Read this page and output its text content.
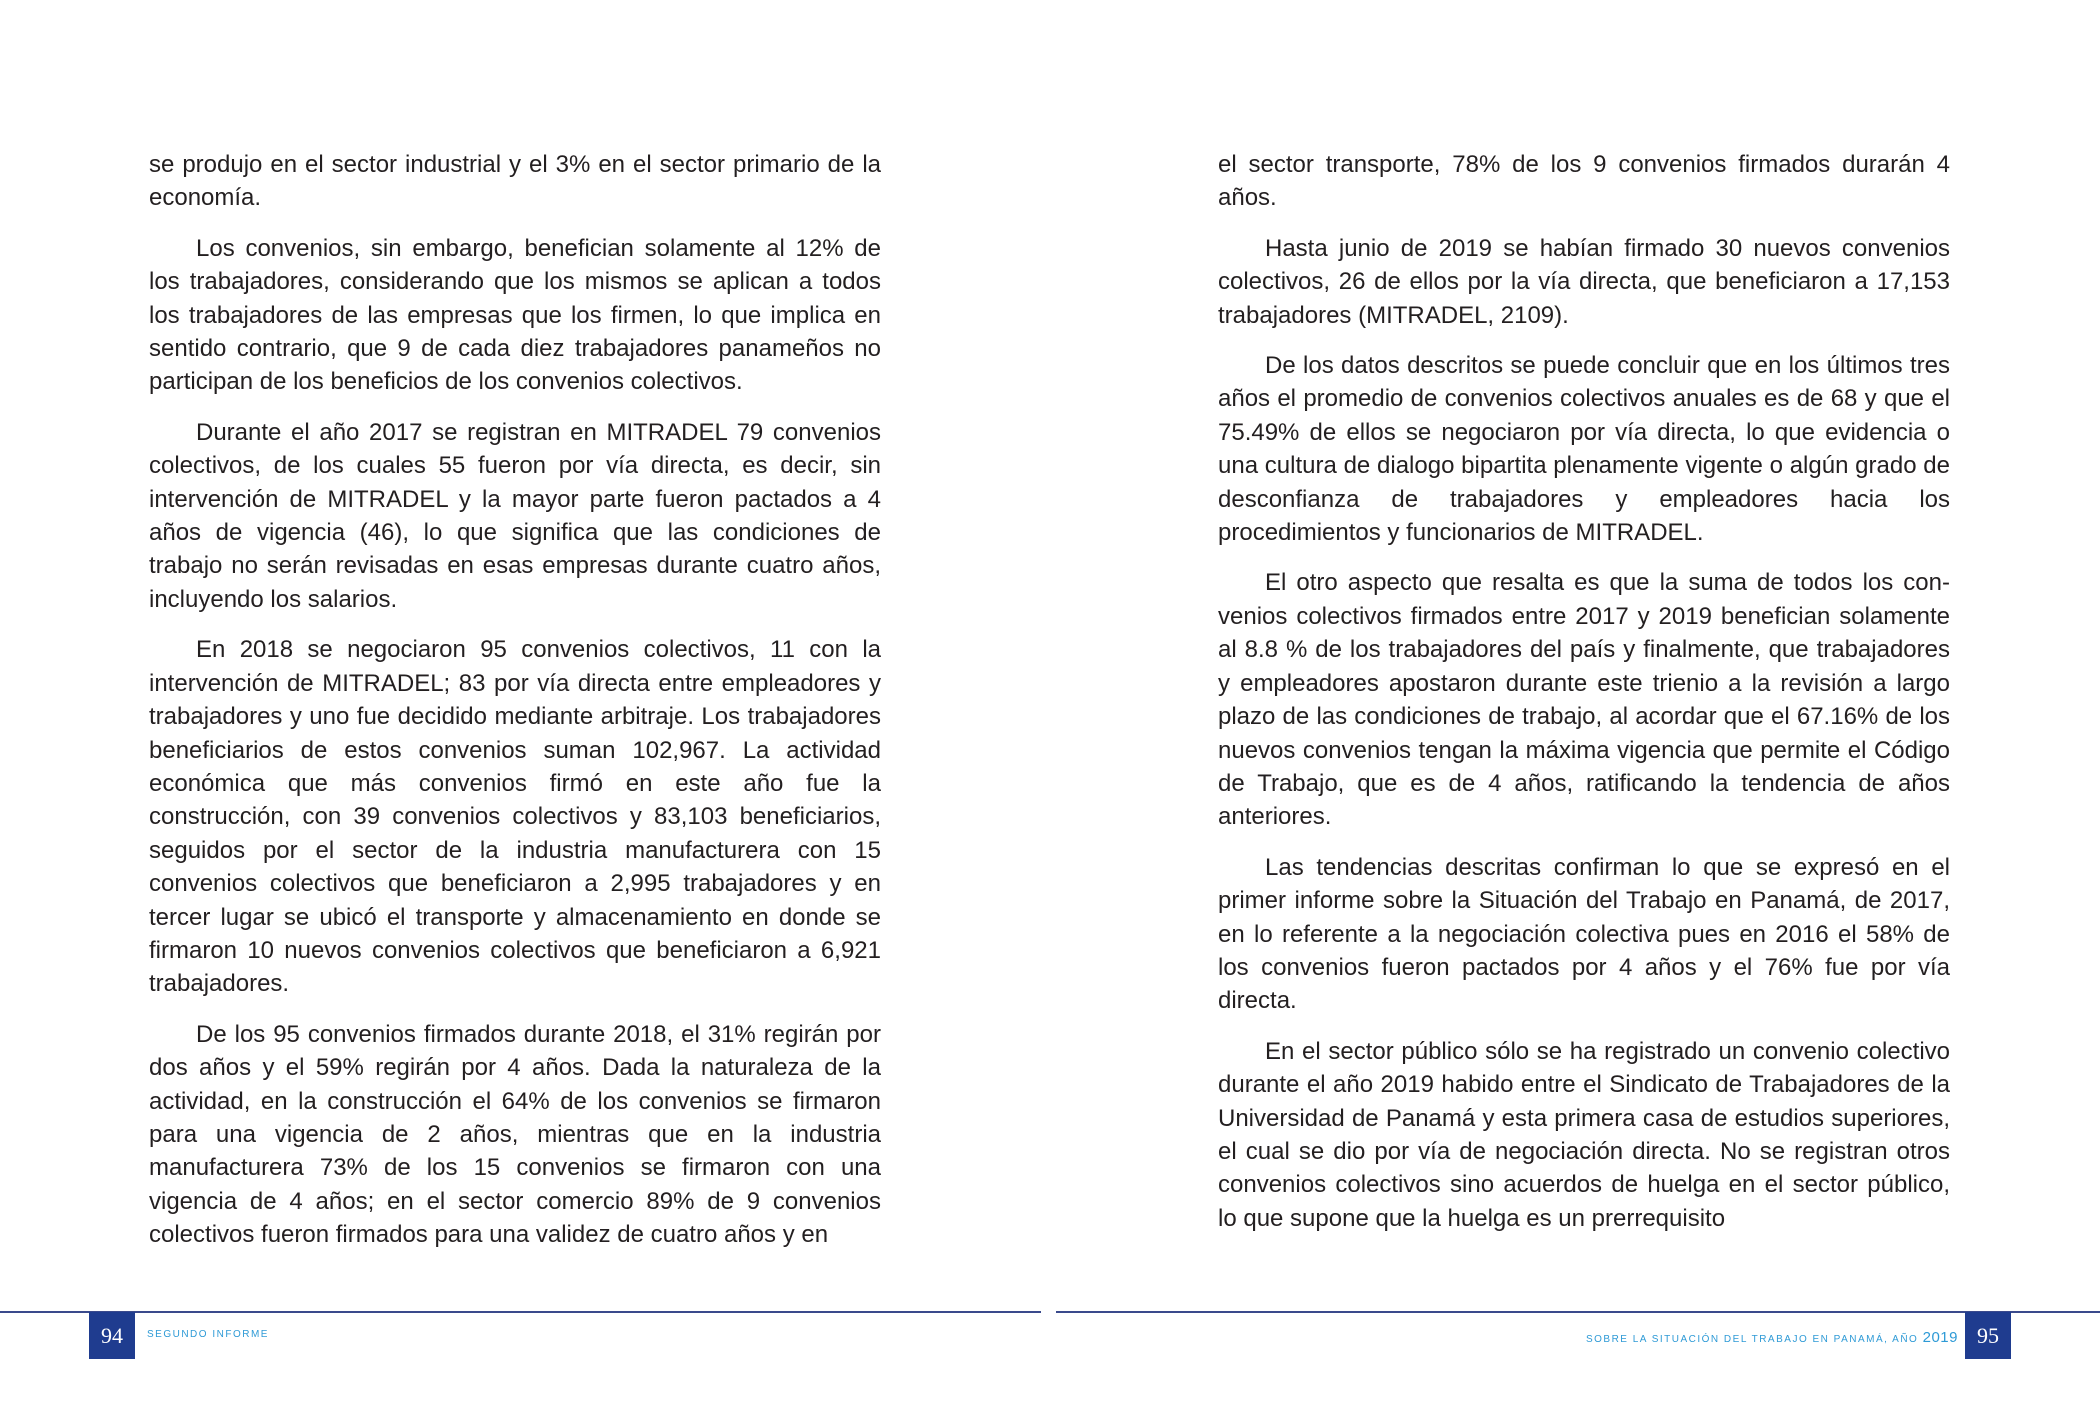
se produjo en el sector industrial y el 3% en el sector primario de la economía.

Los convenios, sin embargo, benefician solamente al 12% de los trabajadores, considerando que los mismos se aplican a todos los trabajadores de las empresas que los firmen, lo que implica en sentido contrario, que 9 de cada diez trabajadores panameños no participan de los beneficios de los convenios colectivos.

Durante el año 2017 se registran en MITRADEL 79 convenios colectivos, de los cuales 55 fueron por vía directa, es decir, sin intervención de MITRADEL y la mayor parte fueron pactados a 4 años de vigencia (46), lo que significa que las condiciones de trabajo no serán revisadas en esas empresas durante cuatro años, incluyendo los salarios.

En 2018 se negociaron 95 convenios colectivos, 11 con la intervención de MITRADEL; 83 por vía directa entre empleadores y trabajadores y uno fue decidido mediante arbitraje. Los trabajadores beneficiarios de estos convenios suman 102,967. La actividad económica que más convenios firmó en este año fue la construcción, con 39 convenios colectivos y 83,103 beneficiarios, seguidos por el sector de la industria manufacturera con 15 convenios colectivos que beneficiaron a 2,995 trabajadores y en tercer lugar se ubicó el transporte y almacenamiento en donde se firmaron 10 nuevos convenios colectivos que beneficiaron a 6,921 trabajadores.

De los 95 convenios firmados durante 2018, el 31% regirán por dos años y el 59% regirán por 4 años. Dada la naturaleza de la actividad, en la construcción el 64% de los convenios se firmaron para una vigencia de 2 años, mientras que en la industria manufacturera 73% de los 15 convenios se firmaron con una vigencia de 4 años; en el sector comercio 89% de 9 convenios colectivos fueron firmados para una validez de cuatro años y en

94	SEGUNDO INFORME

el sector transporte, 78% de los 9 convenios firmados durarán 4 años.

Hasta junio de 2019 se habían firmado 30 nuevos convenios colectivos, 26 de ellos por la vía directa, que beneficiaron a 17,153 trabajadores (MITRADEL, 2109).

De los datos descritos se puede concluir que en los últimos tres años el promedio de convenios colectivos anuales es de 68 y que el 75.49% de ellos se negociaron por vía directa, lo que evidencia o una cultura de dialogo bipartita plenamente vigente o algún grado de desconfianza de trabajadores y empleadores hacia los procedimientos y funcionarios de MITRADEL.

El otro aspecto que resalta es que la suma de todos los convenios colectivos firmados entre 2017 y 2019 benefician solamente al 8.8 % de los trabajadores del país y finalmente, que trabajadores y empleadores apostaron durante este trienio a la revisión a largo plazo de las condiciones de trabajo, al acordar que el 67.16% de los nuevos convenios tengan la máxima vigencia que permite el Código de Trabajo, que es de 4 años, ratificando la tendencia de años anteriores.

Las tendencias descritas confirman lo que se expresó en el primer informe sobre la Situación del Trabajo en Panamá, de 2017, en lo referente a la negociación colectiva pues en 2016 el 58% de los convenios fueron pactados por 4 años y el 76% fue por vía directa.

En el sector público sólo se ha registrado un convenio colectivo durante el año 2019 habido entre el Sindicato de Trabajadores de la Universidad de Panamá y esta primera casa de estudios superiores, el cual se dio por vía de negociación directa. No se registran otros convenios colectivos sino acuerdos de huelga en el sector público, lo que supone que la huelga es un prerrequisito

SOBRE LA SITUACIÓN DEL TRABAJO EN PANAMÁ, AÑO 2019 95
